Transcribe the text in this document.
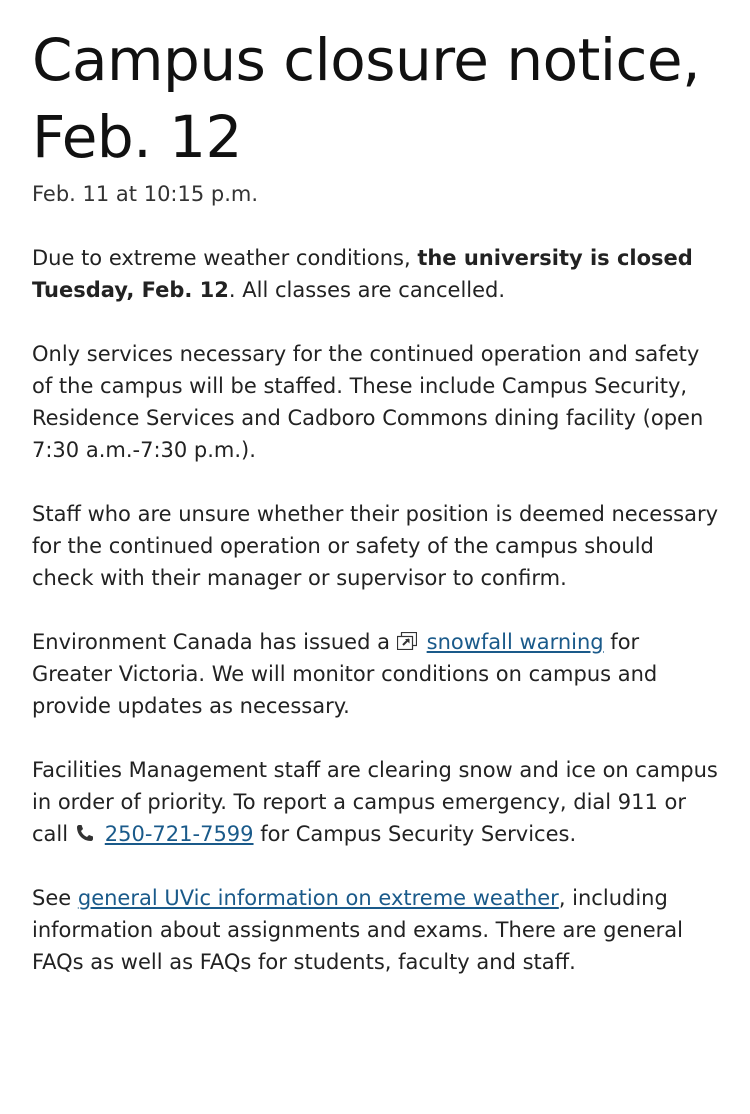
Campus closure notice, Feb. 12
Feb. 11 at 10:15 p.m.

Due to extreme weather conditions, the university is closed Tuesday, Feb. 12. All classes are cancelled.

Only services necessary for the continued operation and safety of the campus will be staffed. These include Campus Security, Residence Services and Cadboro Commons dining facility (open 7:30 a.m.-7:30 p.m.).

Staff who are unsure whether their position is deemed necessary for the continued operation or safety of the campus should check with their manager or supervisor to confirm.

Environment Canada has issued a snowfall warning for Greater Victoria. We will monitor conditions on campus and provide updates as necessary.

Facilities Management staff are clearing snow and ice on campus in order of priority. To report a campus emergency, dial 911 or call 250-721-7599 for Campus Security Services.

See general UVic information on extreme weather, including information about assignments and exams. There are general FAQs as well as FAQs for students, faculty and staff.
